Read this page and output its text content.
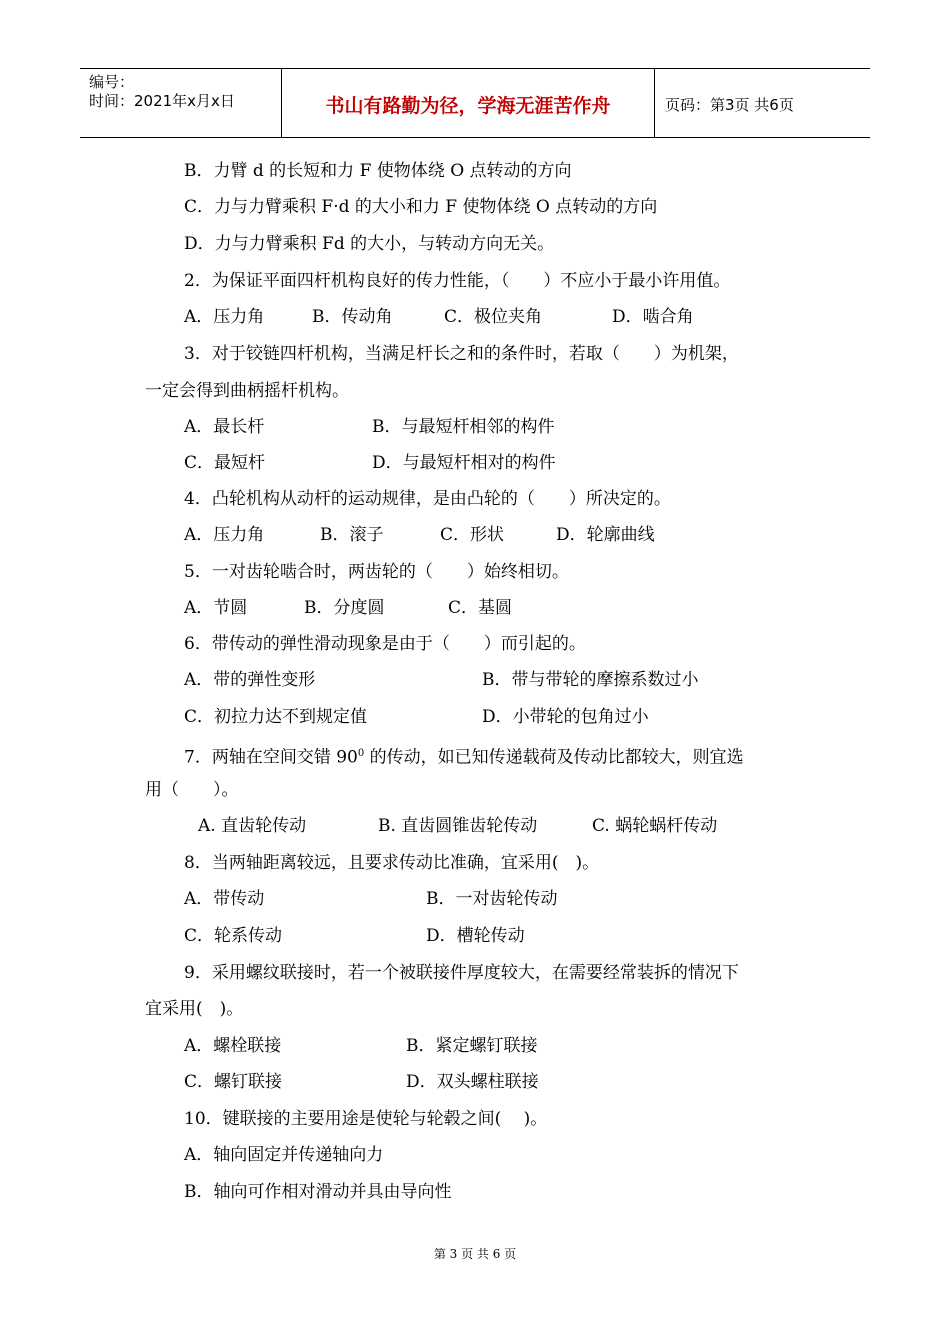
编号：
时间：2021年x月x日	书山有路勤为径，学海无涯苦作舟	页码：第3页 共6页
B．力臂 d 的长短和力 F 使物体绕 O 点转动的方向
C．力与力臂乘积 F·d 的大小和力 F 使物体绕 O 点转动的方向
D．力与力臂乘积 Fd 的大小，与转动方向无关。
2．为保证平面四杆机构良好的传力性能，（　　）不应小于最小许用值。
A．压力角	B．传动角	C．极位夹角	D．啮合角
3．对于铰链四杆机构，当满足杆长之和的条件时，若取（　　）为机架，
一定会得到曲柄摇杆机构。
A．最长杆	B．与最短杆相邻的构件
C．最短杆	D．与最短杆相对的构件
4．凸轮机构从动杆的运动规律，是由凸轮的（　　）所决定的。
A．压力角	B．滚子	C．形状	D．轮廓曲线
5．一对齿轮啮合时，两齿轮的（　　）始终相切。
A．节圆	B．分度圆	C．基圆
6．带传动的弹性滑动现象是由于（　　）而引起的。
A．带的弹性变形	B．带与带轮的摩擦系数过小
C．初拉力达不到规定值	D．小带轮的包角过小
7．两轴在空间交错 $90^0$ 的传动，如已知传递载荷及传动比都较大，则宜选
用（　　）。
A. 直齿轮传动	B. 直齿圆锥齿轮传动	C. 蜗轮蜗杆传动
8．当两轴距离较远，且要求传动比准确，宜采用(　)。
A．带传动	B．一对齿轮传动
C．轮系传动	D．槽轮传动
9．采用螺纹联接时，若一个被联接件厚度较大，在需要经常装拆的情况下
宜采用(　)。
A．螺栓联接	B．紧定螺钉联接
C．螺钉联接	D．双头螺柱联接
10．键联接的主要用途是使轮与轮毂之间(　 )。
A．轴向固定并传递轴向力
B．轴向可作相对滑动并具由导向性
第 3 页 共 6 页
